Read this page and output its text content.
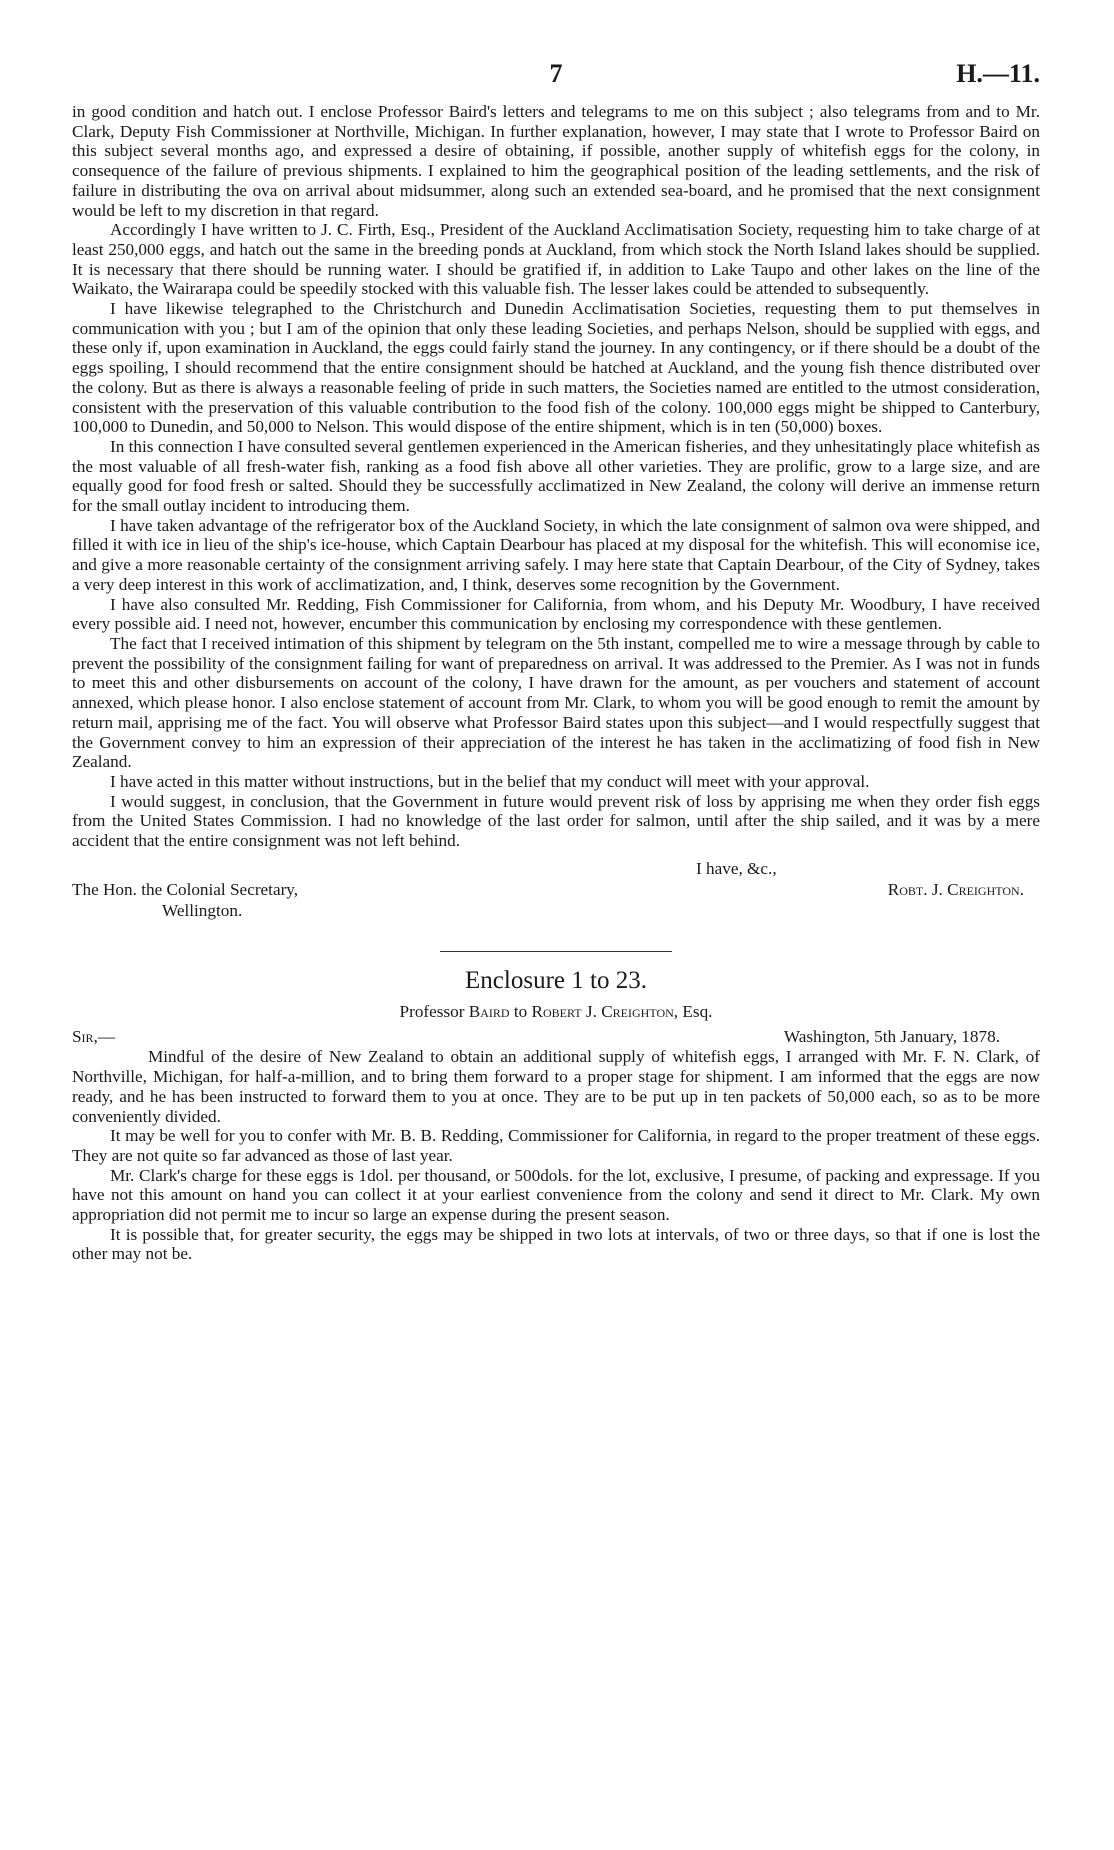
7	H.—11.

in good condition and hatch out. I enclose Professor Baird's letters and telegrams to me on this subject ; also telegrams from and to Mr. Clark, Deputy Fish Commissioner at Northville, Michigan. In further explanation, however, I may state that I wrote to Professor Baird on this subject several months ago, and expressed a desire of obtaining, if possible, another supply of whitefish eggs for the colony, in consequence of the failure of previous shipments. I explained to him the geographical position of the leading settlements, and the risk of failure in distributing the ova on arrival about midsummer, along such an extended sea-board, and he promised that the next consignment would be left to my discretion in that regard.

Accordingly I have written to J. C. Firth, Esq., President of the Auckland Acclimatisation Society, requesting him to take charge of at least 250,000 eggs, and hatch out the same in the breeding ponds at Auckland, from which stock the North Island lakes should be supplied. It is necessary that there should be running water. I should be gratified if, in addition to Lake Taupo and other lakes on the line of the Waikato, the Wairarapa could be speedily stocked with this valuable fish. The lesser lakes could be attended to subsequently.

I have likewise telegraphed to the Christchurch and Dunedin Acclimatisation Societies, requesting them to put themselves in communication with you ; but I am of the opinion that only these leading Societies, and perhaps Nelson, should be supplied with eggs, and these only if, upon examination in Auckland, the eggs could fairly stand the journey. In any contingency, or if there should be a doubt of the eggs spoiling, I should recommend that the entire consignment should be hatched at Auckland, and the young fish thence distributed over the colony. But as there is always a reasonable feeling of pride in such matters, the Societies named are entitled to the utmost consideration, consistent with the preservation of this valuable contribution to the food fish of the colony. 100,000 eggs might be shipped to Canterbury, 100,000 to Dunedin, and 50,000 to Nelson. This would dispose of the entire shipment, which is in ten (50,000) boxes.

In this connection I have consulted several gentlemen experienced in the American fisheries, and they unhesitatingly place whitefish as the most valuable of all fresh-water fish, ranking as a food fish above all other varieties. They are prolific, grow to a large size, and are equally good for food fresh or salted. Should they be successfully acclimatized in New Zealand, the colony will derive an immense return for the small outlay incident to introducing them.

I have taken advantage of the refrigerator box of the Auckland Society, in which the late consignment of salmon ova were shipped, and filled it with ice in lieu of the ship's ice-house, which Captain Dearbour has placed at my disposal for the whitefish. This will economise ice, and give a more reasonable certainty of the consignment arriving safely. I may here state that Captain Dearbour, of the City of Sydney, takes a very deep interest in this work of acclimatization, and, I think, deserves some recognition by the Government.

I have also consulted Mr. Redding, Fish Commissioner for California, from whom, and his Deputy Mr. Woodbury, I have received every possible aid. I need not, however, encumber this communication by enclosing my correspondence with these gentlemen.

The fact that I received intimation of this shipment by telegram on the 5th instant, compelled me to wire a message through by cable to prevent the possibility of the consignment failing for want of preparedness on arrival. It was addressed to the Premier. As I was not in funds to meet this and other disbursements on account of the colony, I have drawn for the amount, as per vouchers and statement of account annexed, which please honor. I also enclose statement of account from Mr. Clark, to whom you will be good enough to remit the amount by return mail, apprising me of the fact. You will observe what Professor Baird states upon this subject—and I would respectfully suggest that the Government convey to him an expression of their appreciation of the interest he has taken in the acclimatizing of food fish in New Zealand.

I have acted in this matter without instructions, but in the belief that my conduct will meet with your approval.

I would suggest, in conclusion, that the Government in future would prevent risk of loss by apprising me when they order fish eggs from the United States Commission. I had no knowledge of the last order for salmon, until after the ship sailed, and it was by a mere accident that the entire consignment was not left behind.

I have, &c.,
The Hon. the Colonial Secretary,	Robt. J. Creighton.
Wellington.
Enclosure 1 to 23.
Professor Baird to Robert J. Creighton, Esq.
Sir,—	Washington, 5th January, 1878.

Mindful of the desire of New Zealand to obtain an additional supply of whitefish eggs, I arranged with Mr. F. N. Clark, of Northville, Michigan, for half-a-million, and to bring them forward to a proper stage for shipment. I am informed that the eggs are now ready, and he has been instructed to forward them to you at once. They are to be put up in ten packets of 50,000 each, so as to be more conveniently divided.

It may be well for you to confer with Mr. B. B. Redding, Commissioner for California, in regard to the proper treatment of these eggs. They are not quite so far advanced as those of last year.

Mr. Clark's charge for these eggs is 1dol. per thousand, or 500dols. for the lot, exclusive, I presume, of packing and expressage. If you have not this amount on hand you can collect it at your earliest convenience from the colony and send it direct to Mr. Clark. My own appropriation did not permit me to incur so large an expense during the present season.

It is possible that, for greater security, the eggs may be shipped in two lots at intervals, of two or three days, so that if one is lost the other may not be.
